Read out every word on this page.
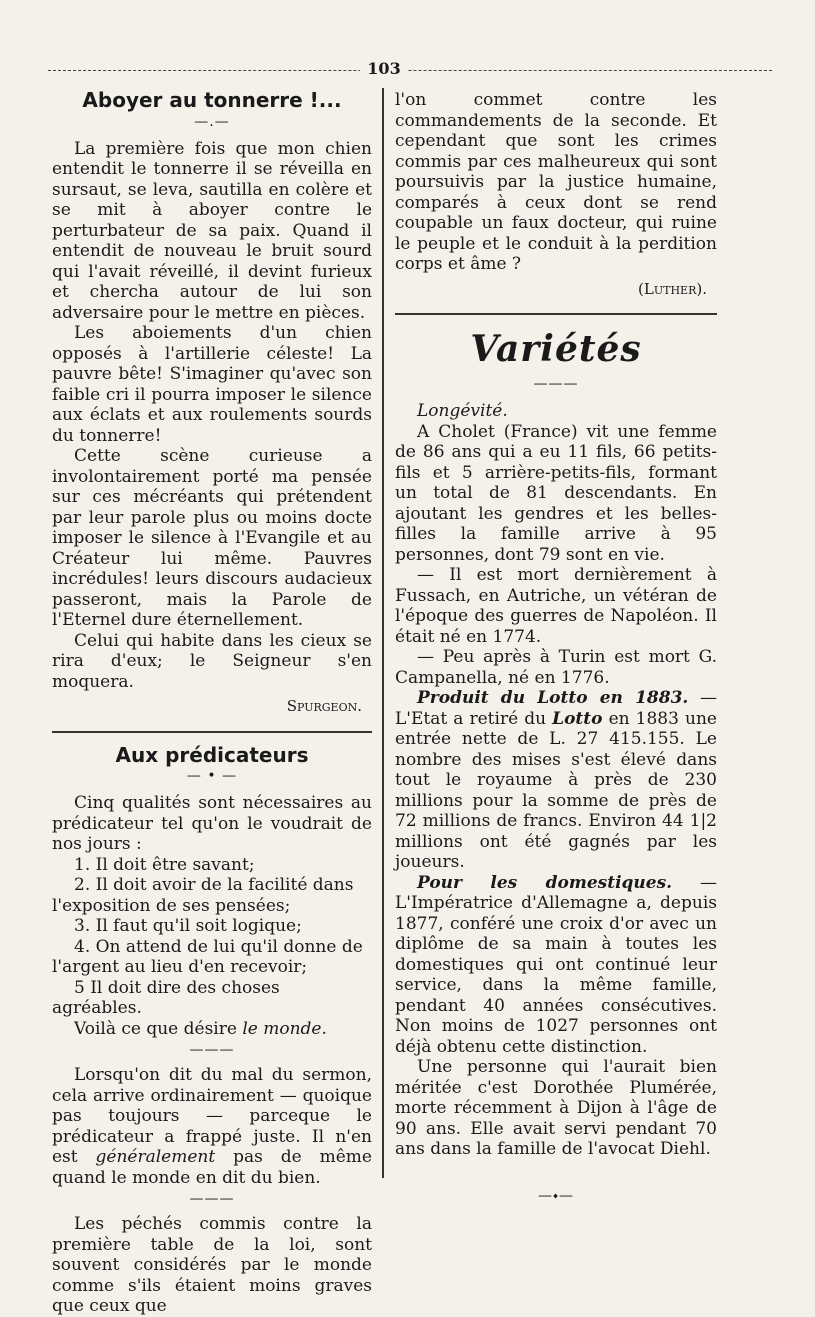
103
Aboyer au tonnerre !...
—.—

La première fois que mon chien entendit le tonnerre il se réveilla en sursaut, se leva, sautilla en colère et se mit à aboyer contre le perturbateur de sa paix. Quand il entendit de nouveau le bruit sourd qui l'avait réveillé, il devint furieux et chercha autour de lui son adversaire pour le mettre en pièces.

Les aboiements d'un chien opposés à l'artillerie céleste! La pauvre bête! S'imaginer qu'avec son faible cri il pourra imposer le silence aux éclats et aux roulements sourds du tonnerre!

Cette scène curieuse a involontairement porté ma pensée sur ces mécréants qui prétendent par leur parole plus ou moins docte imposer le silence à l'Evangile et au Créateur lui même. Pauvres incrédules! leurs discours audacieux passeront, mais la Parole de l'Eternel dure éternellement.

Celui qui habite dans les cieux se rira d'eux; le Seigneur s'en moquera.

Spurgeon.
Aux prédicateurs
— • —

Cinq qualités sont nécessaires au prédicateur tel qu'on le voudrait de nos jours :

1. Il doit être savant;
2. Il doit avoir de la facilité dans l'exposition de ses pensées;
3. Il faut qu'il soit logique;
4. On attend de lui qu'il donne de l'argent au lieu d'en recevoir;
5 Il doit dire des choses agréables.
Voilà ce que désire le monde.
———

Lorsqu'on dit du mal du sermon, cela arrive ordinairement — quoique pas toujours — parceque le prédicateur a frappé juste. Il n'en est généralement pas de même quand le monde en dit du bien.

———

Les péchés commis contre la première table de la loi, sont souvent considérés par le monde comme s'ils étaient moins graves que ceux que

l'on commet contre les commandements de la seconde. Et cependant que sont les crimes commis par ces malheureux qui sont poursuivis par la justice humaine, comparés à ceux dont se rend coupable un faux docteur, qui ruine le peuple et le conduit à la perdition corps et âme ?

(Luther).
Variétés
———

Longévité.

A Cholet (France) vit une femme de 86 ans qui a eu 11 fils, 66 petits-fils et 5 arrière-petits-fils, formant un total de 81 descendants. En ajoutant les gendres et les belles-filles la famille arrive à 95 personnes, dont 79 sont en vie.

— Il est mort dernièrement à Fussach, en Autriche, un vétéran de l'époque des guerres de Napoléon. Il était né en 1774.

— Peu après à Turin est mort G. Campanella, né en 1776.

Produit du Lotto en 1883. — L'Etat a retiré du Lotto en 1883 une entrée nette de L. 27 415.155. Le nombre des mises s'est élevé dans tout le royaume à près de 230 millions pour la somme de près de 72 millions de francs. Environ 44 1|2 millions ont été gagnés par les joueurs.

Pour les domestiques. — L'Impératrice d'Allemagne a, depuis 1877, conféré une croix d'or avec un diplôme de sa main à toutes les domestiques qui ont continué leur service, dans la même famille, pendant 40 années consécutives. Non moins de 1027 personnes ont déjà obtenu cette distinction.

Une personne qui l'aurait bien méritée c'est Dorothée Plumérée, morte récemment à Dijon à l'âge de 90 ans. Elle avait servi pendant 70 ans dans la famille de l'avocat Diehl.

—⬩—
